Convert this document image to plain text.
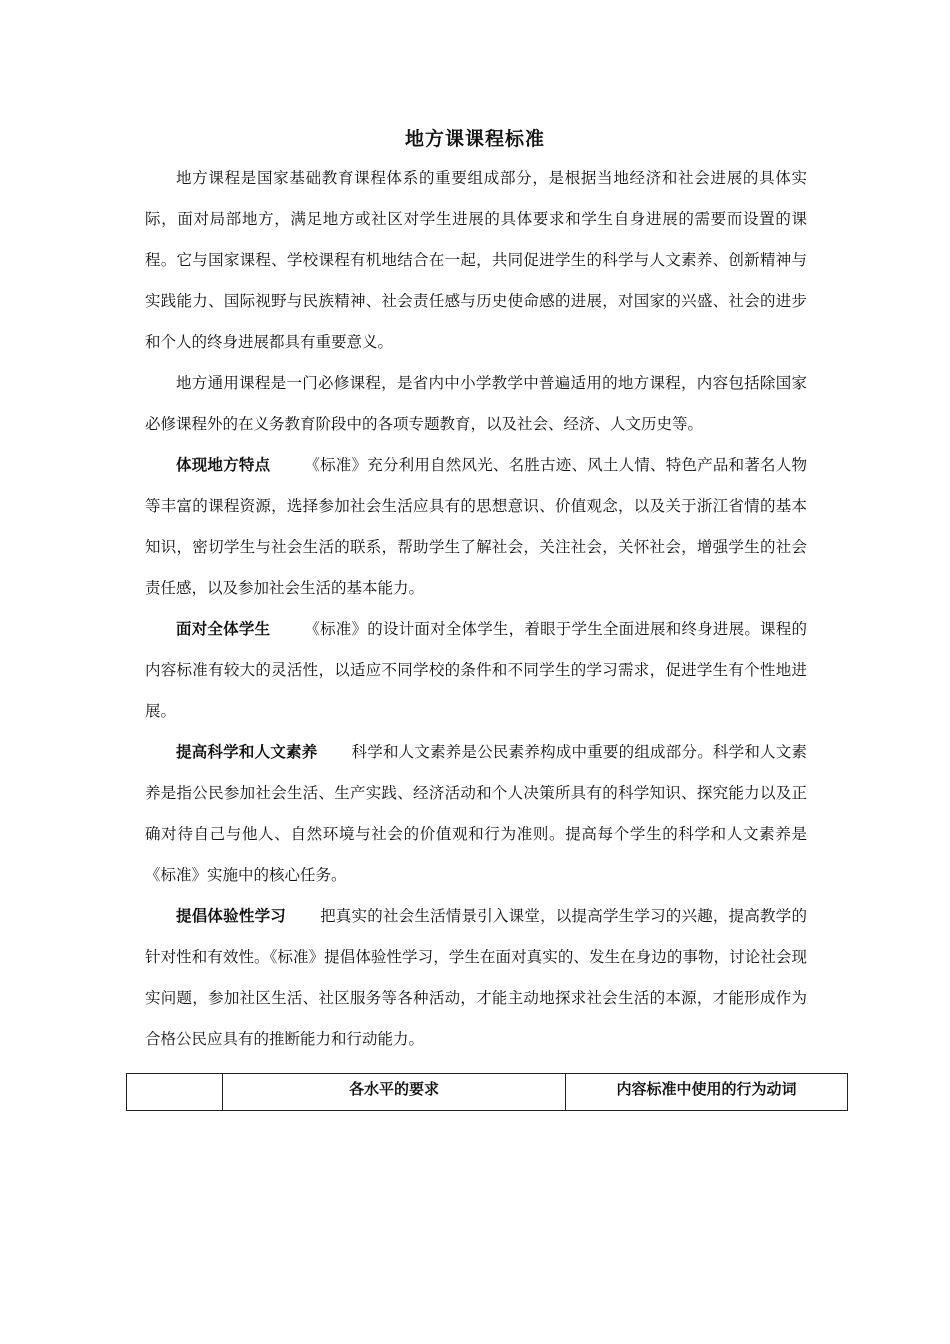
地方课课程标准

地方课程是国家基础教育课程体系的重要组成部分，是根据当地经济和社会进展的具体实际，面对局部地方，满足地方或社区对学生进展的具体要求和学生自身进展的需要而设置的课程。它与国家课程、学校课程有机地结合在一起，共同促进学生的科学与人文素养、创新精神与实践能力、国际视野与民族精神、社会责任感与历史使命感的进展，对国家的兴盛、社会的进步和个人的终身进展都具有重要意义。

地方通用课程是一门必修课程，是省内中小学教学中普遍适用的地方课程，内容包括除国家必修课程外的在义务教育阶段中的各项专题教育，以及社会、经济、人文历史等。

体现地方特点 《标准》充分利用自然风光、名胜古迹、风土人情、特色产品和著名人物等丰富的课程资源，选择参加社会生活应具有的思想意识、价值观念，以及关于浙江省情的基本知识，密切学生与社会生活的联系，帮助学生了解社会，关注社会，关怀社会，增强学生的社会责任感，以及参加社会生活的基本能力。

面对全体学生 《标准》的设计面对全体学生，着眼于学生全面进展和终身进展。课程的内容标准有较大的灵活性，以适应不同学校的条件和不同学生的学习需求，促进学生有个性地进展。

提高科学和人文素养 科学和人文素养是公民素养构成中重要的组成部分。科学和人文素养是指公民参加社会生活、生产实践、经济活动和个人决策所具有的科学知识、探究能力以及正确对待自己与他人、自然环境与社会的价值观和行为准则。提高每个学生的科学和人文素养是《标准》实施中的核心任务。

提倡体验性学习 把真实的社会生活情景引入课堂，以提高学生学习的兴趣，提高教学的针对性和有效性。《标准》提倡体验性学习，学生在面对真实的、发生在身边的事物，讨论社会现实问题，参加社区生活、社区服务等各种活动，才能主动地探求社会生活的本源，才能形成作为合格公民应具有的推断能力和行动能力。

	各水平的要求	内容标准中使用的行为动词
